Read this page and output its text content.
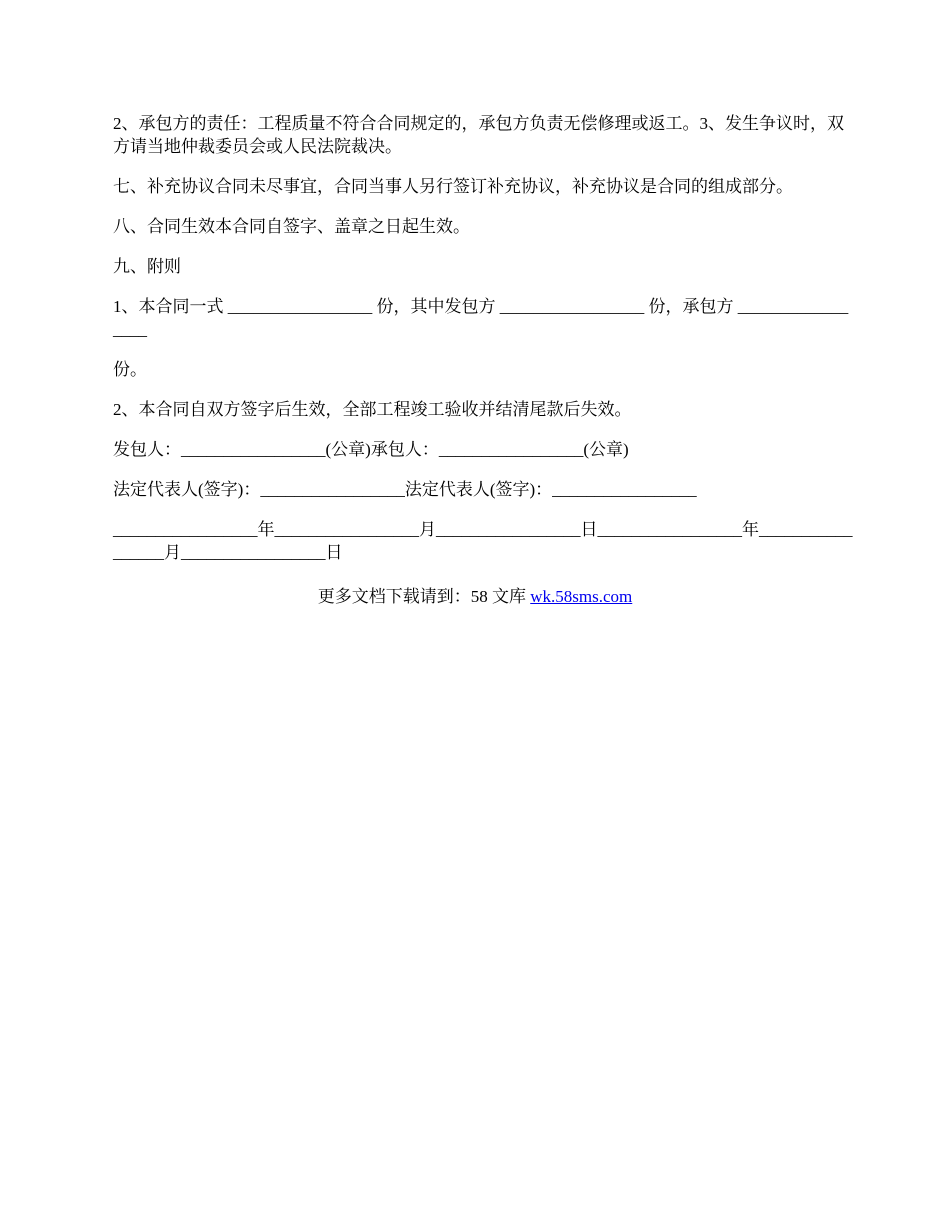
2、承包方的责任：工程质量不符合合同规定的，承包方负责无偿修理或返工。3、发生争议时，双方请当地仲裁委员会或人民法院裁决。

七、补充协议合同未尽事宜，合同当事人另行签订补充协议，补充协议是合同的组成部分。

八、合同生效本合同自签字、盖章之日起生效。

九、附则

1、本合同一式 _________________ 份，其中发包方 _________________ 份，承包方 _________________

份。

2、本合同自双方签字后生效，全部工程竣工验收并结清尾款后失效。

发包人：_________________(公章)承包人：_________________(公章)

法定代表人(签字)：_________________法定代表人(签字)：_________________

_________________年_________________月_________________日_________________年_________________月_________________日

更多文档下载请到：58 文库 wk.58sms.com
